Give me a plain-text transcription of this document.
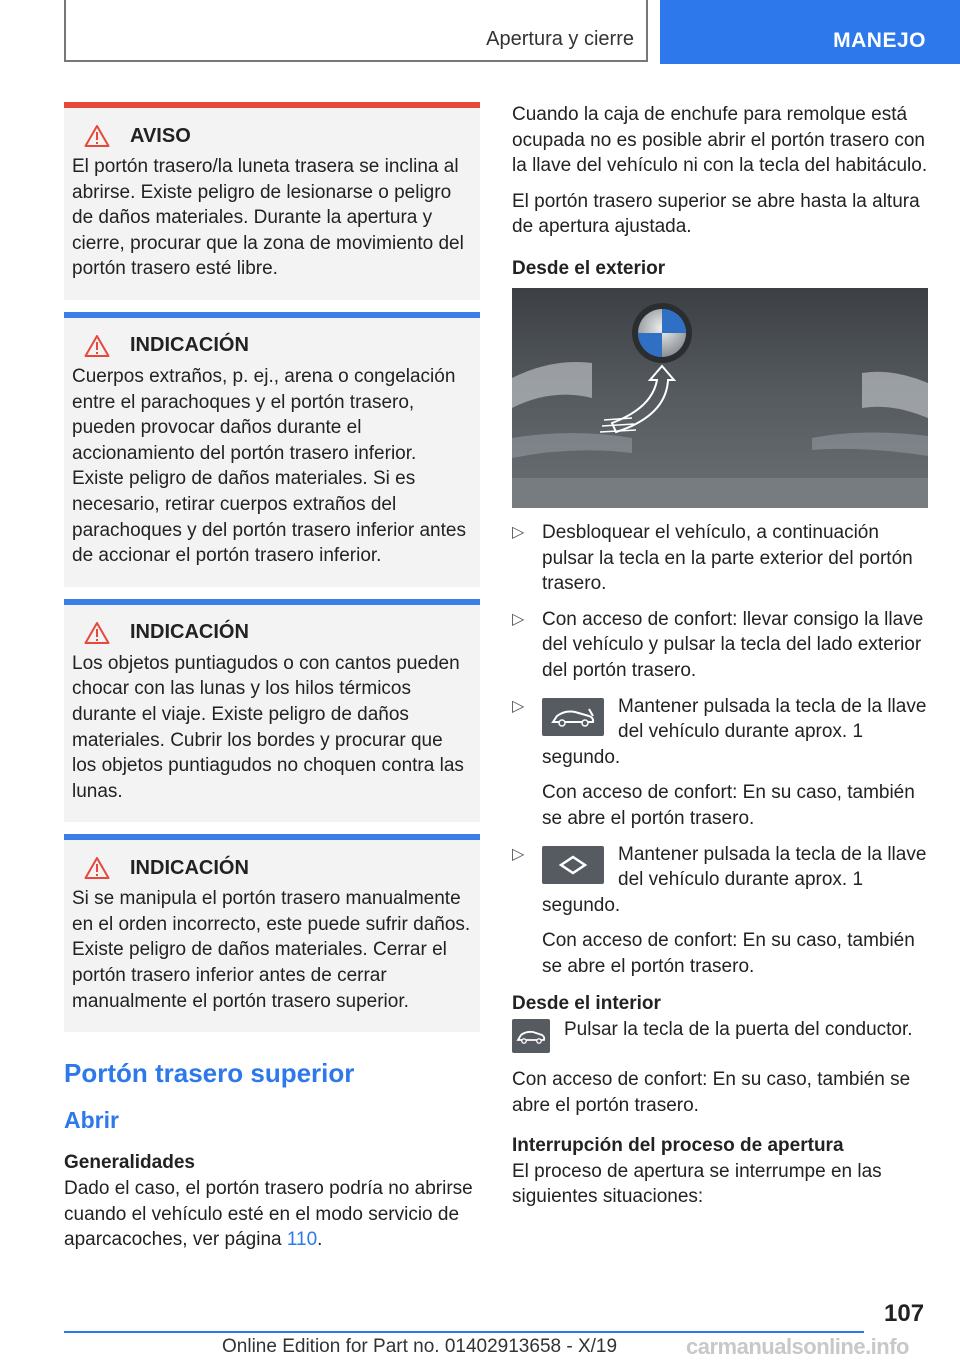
Apertura y cierre	MANEJO
AVISO
El portón trasero/la luneta trasera se inclina al abrirse. Existe peligro de lesionarse o peligro de daños materiales. Durante la apertura y cierre, procurar que la zona de movimiento del portón trasero esté libre.
INDICACIÓN
Cuerpos extraños, p. ej., arena o congelación entre el parachoques y el portón trasero, pueden provocar daños durante el accionamiento del portón trasero inferior. Existe peligro de daños materiales. Si es necesario, retirar cuerpos extraños del parachoques y del portón trasero inferior antes de accionar el portón trasero inferior.
INDICACIÓN
Los objetos puntiagudos o con cantos pueden chocar con las lunas y los hilos térmicos durante el viaje. Existe peligro de daños materiales. Cubrir los bordes y procurar que los objetos puntiagudos no choquen contra las lunas.
INDICACIÓN
Si se manipula el portón trasero manualmente en el orden incorrecto, este puede sufrir daños. Existe peligro de daños materiales. Cerrar el portón trasero inferior antes de cerrar manualmente el portón trasero superior.
Portón trasero superior
Abrir
Generalidades

Dado el caso, el portón trasero podría no abrirse cuando el vehículo esté en el modo servicio de aparcacoches, ver página 110.

Cuando la caja de enchufe para remolque está ocupada no es posible abrir el portón trasero con la llave del vehículo ni con la tecla del habitáculo.

El portón trasero superior se abre hasta la altura de apertura ajustada.

Desde el exterior
▷ Desbloquear el vehículo, a continuación pulsar la tecla en la parte exterior del portón trasero.
▷ Con acceso de confort: llevar consigo la llave del vehículo y pulsar la tecla del lado exterior del portón trasero.
▷	Mantener pulsada la tecla de la llave del vehículo durante aprox. 1 segundo.
Con acceso de confort: En su caso, también se abre el portón trasero.
▷	Mantener pulsada la tecla de la llave del vehículo durante aprox. 1 segundo.
Con acceso de confort: En su caso, también se abre el portón trasero.
Desde el interior

Pulsar la tecla de la puerta del conductor.

Con acceso de confort: En su caso, también se abre el portón trasero.

Interrupción del proceso de apertura

El proceso de apertura se interrumpe en las siguientes situaciones:

107
Online Edition for Part no. 01402913658 - X/19	carmanualsonline.info
